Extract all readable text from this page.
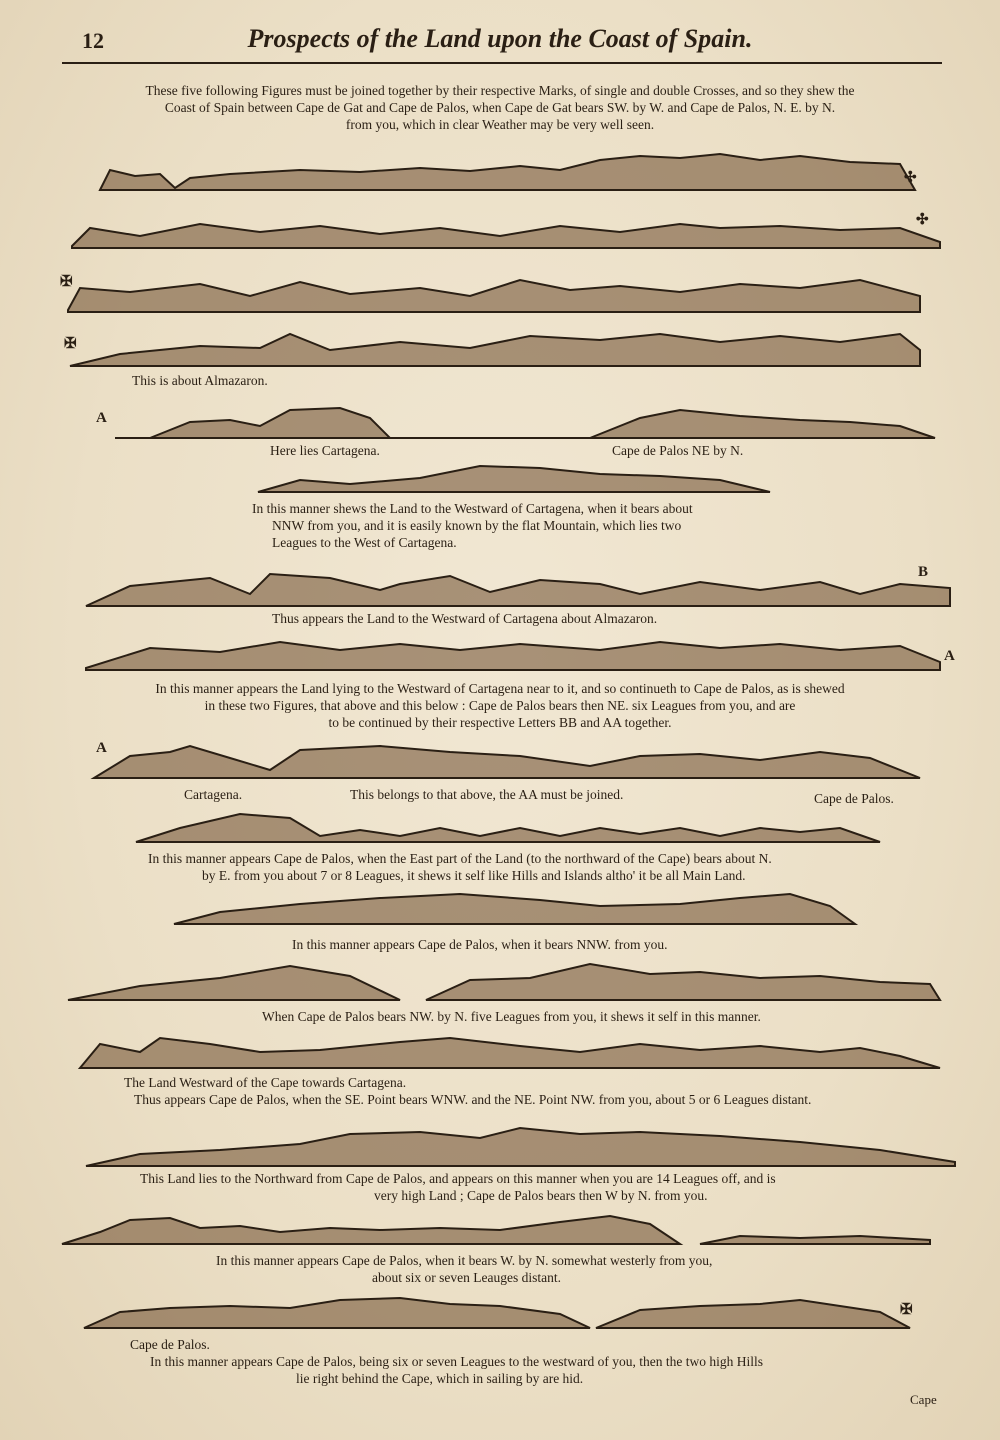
12	Prospects of the Land upon the Coast of Spain.
These five following Figures must be joined together by their respective Marks, of single and double Crosses, and so they shew the
Coast of Spain between Cape de Gat and Cape de Palos, when Cape de Gat bears SW. by W. and Cape de Palos, N. E. by N.
from you, which in clear Weather may be very well seen.
✣
✣
✠
✠
This is about Almazaron.
A
Here lies Cartagena.	Cape de Palos NE by N.
In this manner shews the Land to the Westward of Cartagena, when it bears about
NNW from you, and it is easily known by the flat Mountain, which lies two
Leagues to the West of Cartagena.
B
Thus appears the Land to the Westward of Cartagena about Almazaron.
A
In this manner appears the Land lying to the Westward of Cartagena near to it, and so continueth to Cape de Palos, as is shewed
in these two Figures, that above and this below : Cape de Palos bears then NE. six Leagues from you, and are
to be continued by their respective Letters BB and AA together.
A
Cartagena.	This belongs to that above, the AA must be joined.	Cape de Palos.
In this manner appears Cape de Palos, when the East part of the Land (to the northward of the Cape) bears about N.
by E. from you about 7 or 8 Leagues, it shews it self like Hills and Islands altho' it be all Main Land.
In this manner appears Cape de Palos, when it bears NNW. from you.
When Cape de Palos bears NW. by N. five Leagues from you, it shews it self in this manner.
The Land Westward of the Cape towards Cartagena.
Thus appears Cape de Palos, when the SE. Point bears WNW. and the NE. Point NW. from you, about 5 or 6 Leagues distant.
This Land lies to the Northward from Cape de Palos, and appears on this manner when you are 14 Leagues off, and is
very high Land ; Cape de Palos bears then W by N. from you.
In this manner appears Cape de Palos, when it bears W. by N. somewhat westerly from you,
about six or seven Leauges distant.
✠
Cape de Palos.
In this manner appears Cape de Palos, being six or seven Leagues to the westward of you, then the two high Hills
lie right behind the Cape, which in sailing by are hid.
Cape
